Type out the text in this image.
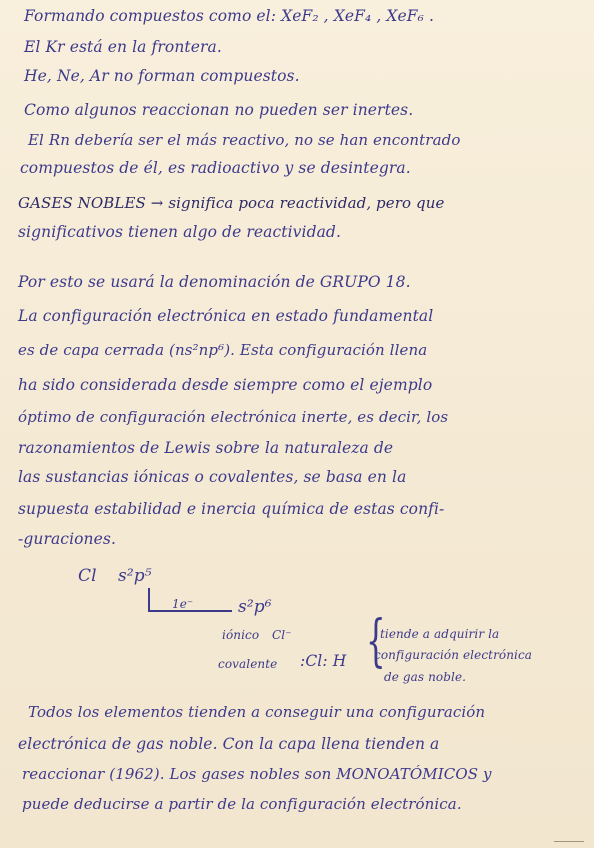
Formando compuestos como el: XeF₂ , XeF₄ , XeF₆ .
El Kr está en la frontera.
He, Ne, Ar no forman compuestos.
Como algunos reaccionan no pueden ser inertes.
El Rn debería ser el más reactivo, no se han encontrado
compuestos de él, es radioactivo y se desintegra.
GASES NOBLES → significa poca reactividad, pero que
significativos tienen algo de reactividad.
Por esto se usará la denominación de GRUPO 18.
La configuración electrónica en estado fundamental
es de capa cerrada (ns²np⁶). Esta configuración llena
ha sido considerada desde siempre como el ejemplo
óptimo de configuración electrónica inerte, es decir, los
razonamientos de Lewis sobre la naturaleza de
las sustancias iónicas o covalentes, se basa en la
supuesta estabilidad e inercia química de estas confi-
-guraciones.
Cl s²p⁵
1e⁻	s²p⁶
iónico Cl⁻
covalente :Cl: H {
tiende a adquirir la
configuración electrónica
de gas noble.
Todos los elementos tienden a conseguir una configuración
electrónica de gas noble. Con la capa llena tienden a
reaccionar (1962). Los gases nobles son MONOATÓMICOS y
puede deducirse a partir de la configuración electrónica.
